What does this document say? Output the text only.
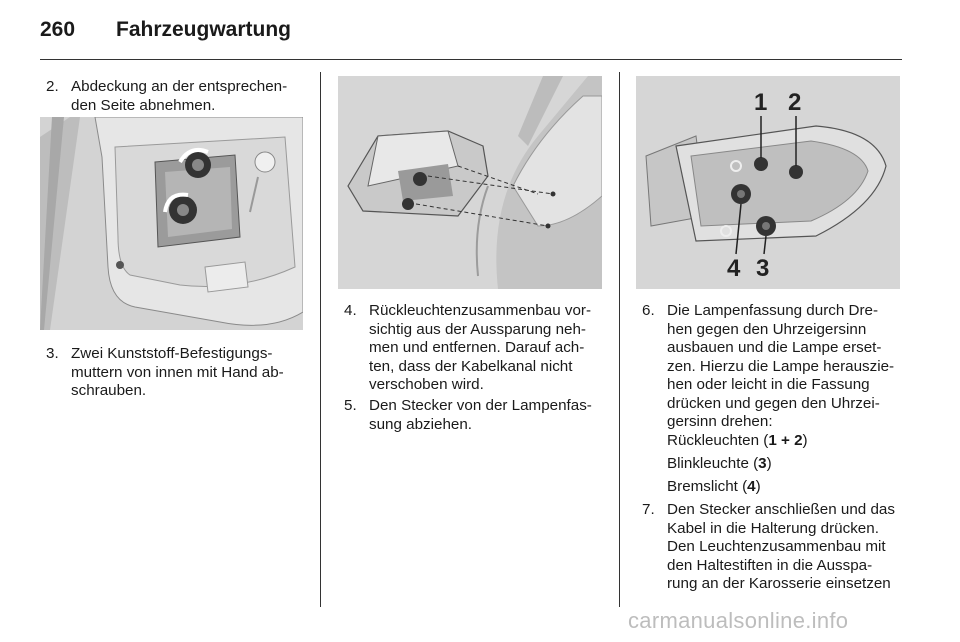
260 Fahrzeugwartung
2. Abdeckung an der entsprechen-
den Seite abnehmen.
3. Zwei Kunststoff-Befestigungs-
muttern von innen mit Hand ab-
schrauben.
4. Rückleuchtenzusammenbau vor-
sichtig aus der Aussparung neh-
men und entfernen. Darauf ach-
ten, dass der Kabelkanal nicht
verschoben wird.
5. Den Stecker von der Lampenfas-
sung abziehen.
1 2
4 3
6. Die Lampenfassung durch Dre-
hen gegen den Uhrzeigersinn
ausbauen und die Lampe erset-
zen. Hierzu die Lampe herauszie-
hen oder leicht in die Fassung
drücken und gegen den Uhrzei-
gersinn drehen:
Rückleuchten (1 + 2)
Blinkleuchte (3)
Bremslicht (4)
7. Den Stecker anschließen und das
Kabel in die Halterung drücken.
Den Leuchtenzusammenbau mit
den Haltestiften in die Ausspa-
rung an der Karosserie einsetzen
carmanualsonline.info
